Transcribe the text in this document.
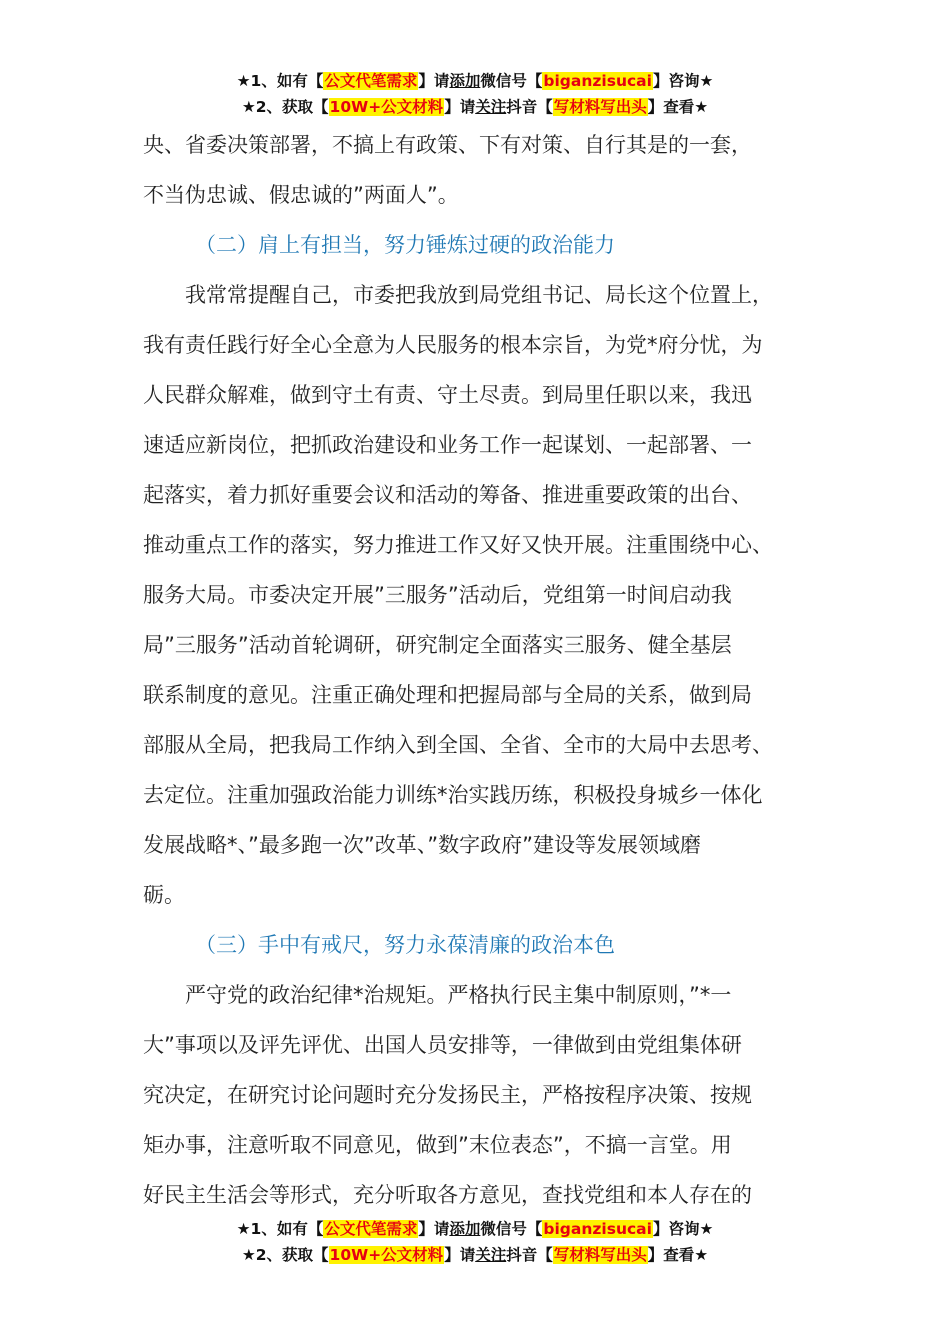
★1、如有【公文代笔需求】请添加微信号【biganzisucai】咨询★
★2、获取【10W+公文材料】请关注抖音【写材料写出头】查看★

央、省委决策部署，不搞上有政策、下有对策、自行其是的一套，

不当伪忠诚、假忠诚的”两面人”。

（二）肩上有担当，努力锤炼过硬的政治能力

　　我常常提醒自己，市委把我放到局党组书记、局长这个位置上，

我有责任践行好全心全意为人民服务的根本宗旨，为党*府分忧，为

人民群众解难，做到守土有责、守土尽责。到局里任职以来，我迅

速适应新岗位，把抓政治建设和业务工作一起谋划、一起部署、一

起落实，着力抓好重要会议和活动的筹备、推进重要政策的出台、

推动重点工作的落实，努力推进工作又好又快开展。注重围绕中心、

服务大局。市委决定开展”三服务”活动后，党组第一时间启动我

局”三服务”活动首轮调研，研究制定全面落实三服务、健全基层

联系制度的意见。注重正确处理和把握局部与全局的关系，做到局

部服从全局，把我局工作纳入到全国、全省、全市的大局中去思考、

去定位。注重加强政治能力训练*治实践历练，积极投身城乡一体化

发展战略*、”最多跑一次”改革、”数字政府”建设等发展领域磨

砺。

（三）手中有戒尺，努力永葆清廉的政治本色

　　严守党的政治纪律*治规矩。严格执行民主集中制原则，”*一

大”事项以及评先评优、出国人员安排等，一律做到由党组集体研

究决定，在研究讨论问题时充分发扬民主，严格按程序决策、按规

矩办事，注意听取不同意见，做到”末位表态”，不搞一言堂。用

好民主生活会等形式，充分听取各方意见，查找党组和本人存在的

★1、如有【公文代笔需求】请添加微信号【biganzisucai】咨询★
★2、获取【10W+公文材料】请关注抖音【写材料写出头】查看★
